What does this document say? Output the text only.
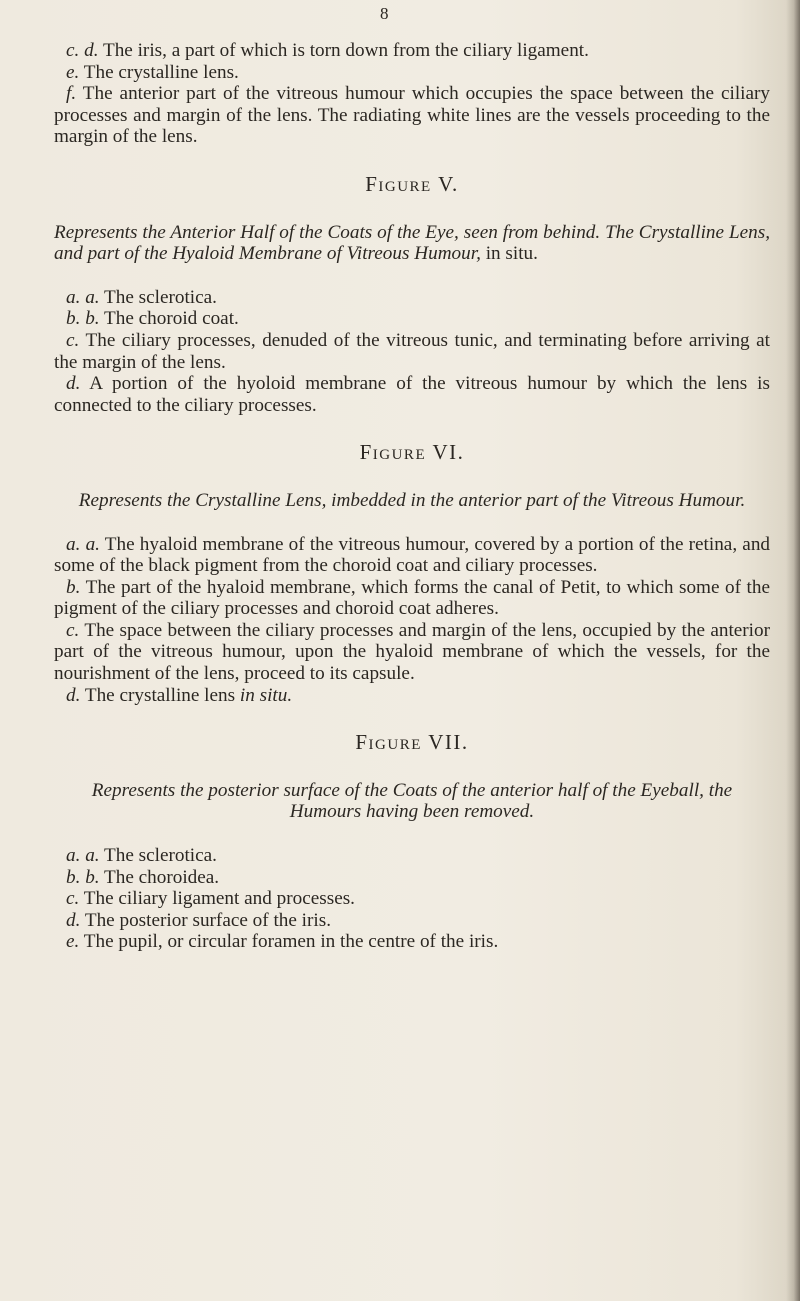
8

c. d. The iris, a part of which is torn down from the ciliary ligament.

e. The crystalline lens.

f. The anterior part of the vitreous humour which occupies the space between the ciliary processes and margin of the lens. The radiating white lines are the vessels proceeding to the margin of the lens.

Figure V.

Represents the Anterior Half of the Coats of the Eye, seen from behind. The Crystalline Lens, and part of the Hyaloid Membrane of Vitreous Humour, in situ.

a. a. The sclerotica.

b. b. The choroid coat.

c. The ciliary processes, denuded of the vitreous tunic, and terminating before arriving at the margin of the lens.

d. A portion of the hyoloid membrane of the vitreous humour by which the lens is connected to the ciliary processes.

Figure VI.

Represents the Crystalline Lens, imbedded in the anterior part of the Vitreous Humour.

a. a. The hyaloid membrane of the vitreous humour, covered by a portion of the retina, and some of the black pigment from the choroid coat and ciliary processes.

b. The part of the hyaloid membrane, which forms the canal of Petit, to which some of the pigment of the ciliary processes and choroid coat adheres.

c. The space between the ciliary processes and margin of the lens, occupied by the anterior part of the vitreous humour, upon the hyaloid membrane of which the vessels, for the nourishment of the lens, proceed to its capsule.

d. The crystalline lens in situ.

Figure VII.

Represents the posterior surface of the Coats of the anterior half of the Eyeball, the Humours having been removed.

a. a. The sclerotica.

b. b. The choroidea.

c. The ciliary ligament and processes.

d. The posterior surface of the iris.

e. The pupil, or circular foramen in the centre of the iris.
